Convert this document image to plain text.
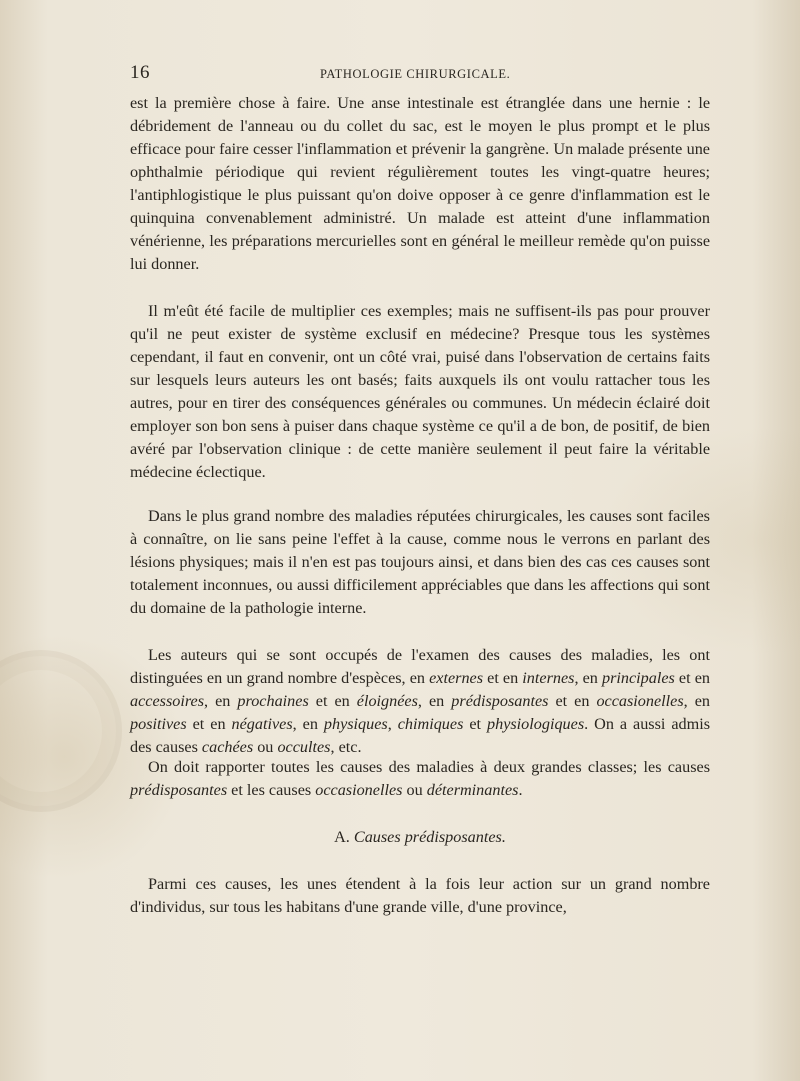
16	PATHOLOGIE CHIRURGICALE.

est la première chose à faire. Une anse intestinale est étranglée dans une hernie : le débridement de l'anneau ou du collet du sac, est le moyen le plus prompt et le plus efficace pour faire cesser l'inflammation et prévenir la gangrène. Un malade présente une ophthalmie périodique qui revient régulièrement toutes les vingt-quatre heures; l'antiphlogistique le plus puissant qu'on doive opposer à ce genre d'inflammation est le quinquina convenablement administré. Un malade est atteint d'une inflammation vénérienne, les préparations mercurielles sont en général le meilleur remède qu'on puisse lui donner.

Il m'eût été facile de multiplier ces exemples; mais ne suffisent-ils pas pour prouver qu'il ne peut exister de système exclusif en médecine? Presque tous les systèmes cependant, il faut en convenir, ont un côté vrai, puisé dans l'observation de certains faits sur lesquels leurs auteurs les ont basés; faits auxquels ils ont voulu rattacher tous les autres, pour en tirer des conséquences générales ou communes. Un médecin éclairé doit employer son bon sens à puiser dans chaque système ce qu'il a de bon, de positif, de bien avéré par l'observation clinique : de cette manière seulement il peut faire la véritable médecine éclectique.

Dans le plus grand nombre des maladies réputées chirurgicales, les causes sont faciles à connaître, on lie sans peine l'effet à la cause, comme nous le verrons en parlant des lésions physiques; mais il n'en est pas toujours ainsi, et dans bien des cas ces causes sont totalement inconnues, ou aussi difficilement appréciables que dans les affections qui sont du domaine de la pathologie interne.

Les auteurs qui se sont occupés de l'examen des causes des maladies, les ont distinguées en un grand nombre d'espèces, en externes et en internes, en principales et en accessoires, en prochaines et en éloignées, en prédisposantes et en occasionelles, en positives et en négatives, en physiques, chimiques et physiologiques. On a aussi admis des causes cachées ou occultes, etc.

On doit rapporter toutes les causes des maladies à deux grandes classes; les causes prédisposantes et les causes occasionelles ou déterminantes.

A. Causes prédisposantes.

Parmi ces causes, les unes étendent à la fois leur action sur un grand nombre d'individus, sur tous les habitans d'une grande ville, d'une province,
